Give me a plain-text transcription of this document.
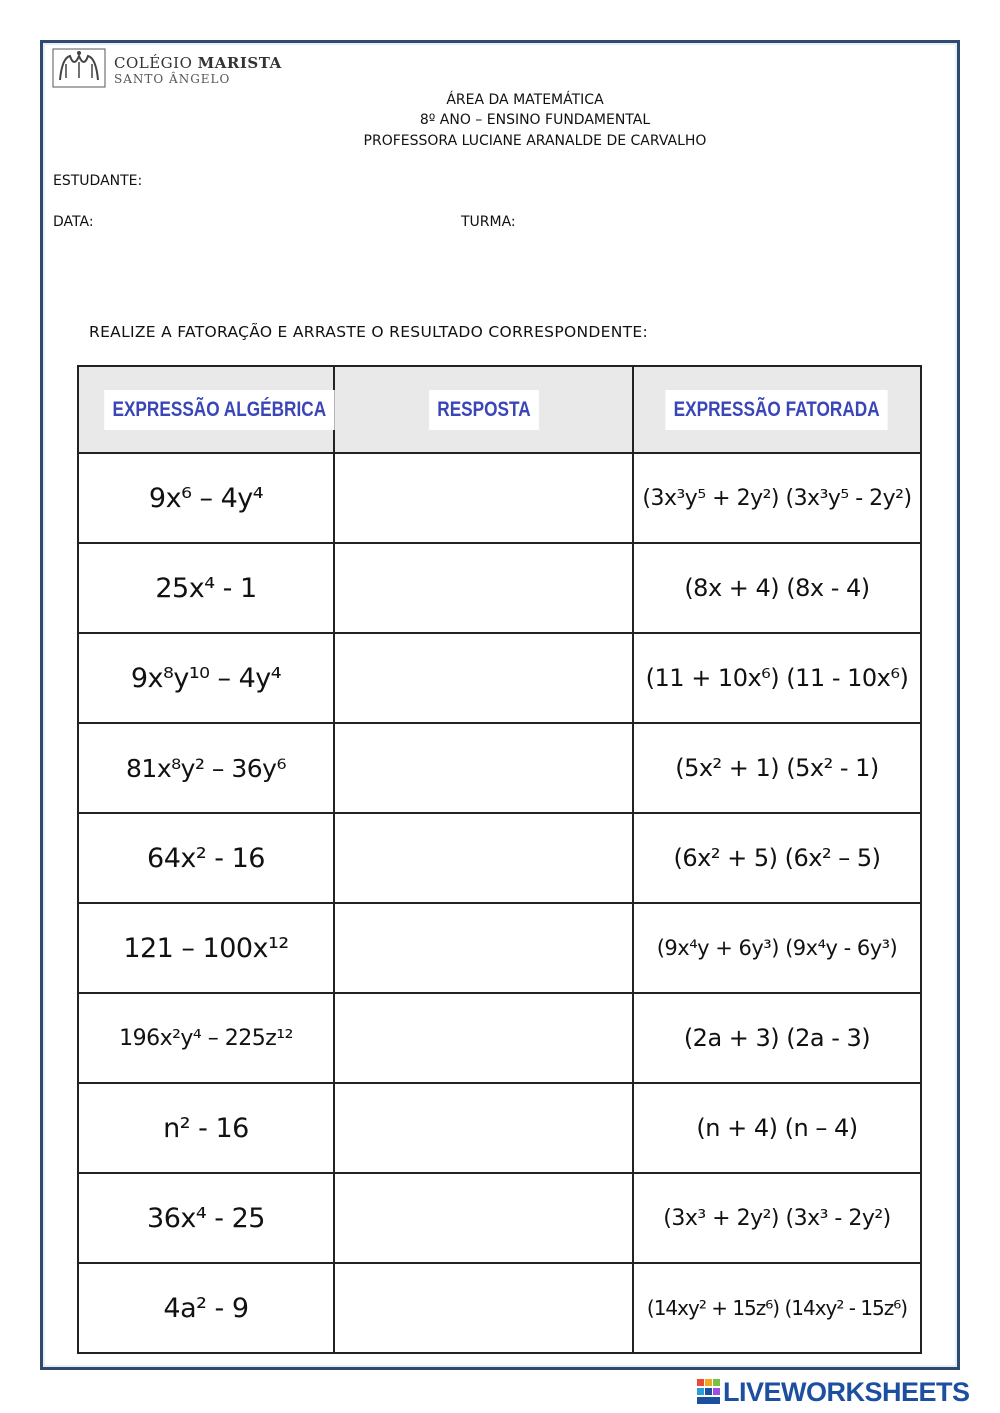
COLÉGIO MARISTA
SANTO ÂNGELO
ÁREA DA MATEMÁTICA
8º ANO – ENSINO FUNDAMENTAL
PROFESSORA LUCIANE ARANALDE DE CARVALHO
ESTUDANTE:
DATA:	TURMA:
REALIZE A FATORAÇÃO E ARRASTE O RESULTADO CORRESPONDENTE:
EXPRESSÃO ALGÉBRICA	RESPOSTA	EXPRESSÃO FATORADA
9x⁶ – 4y⁴		(3x³y⁵ + 2y²) (3x³y⁵ - 2y²)
25x⁴ - 1		(8x + 4) (8x - 4)
9x⁸y¹⁰ – 4y⁴		(11 + 10x⁶) (11 - 10x⁶)
81x⁸y² – 36y⁶		(5x² + 1) (5x² - 1)
64x² - 16		(6x² + 5) (6x² – 5)
121 – 100x¹²		(9x⁴y + 6y³) (9x⁴y - 6y³)
196x²y⁴ – 225z¹²		(2a + 3) (2a - 3)
n² - 16		(n + 4) (n – 4)
36x⁴ - 25		(3x³ + 2y²) (3x³ - 2y²)
4a² - 9		(14xy² + 15z⁶) (14xy² - 15z⁶)
LIVEWORKSHEETS
